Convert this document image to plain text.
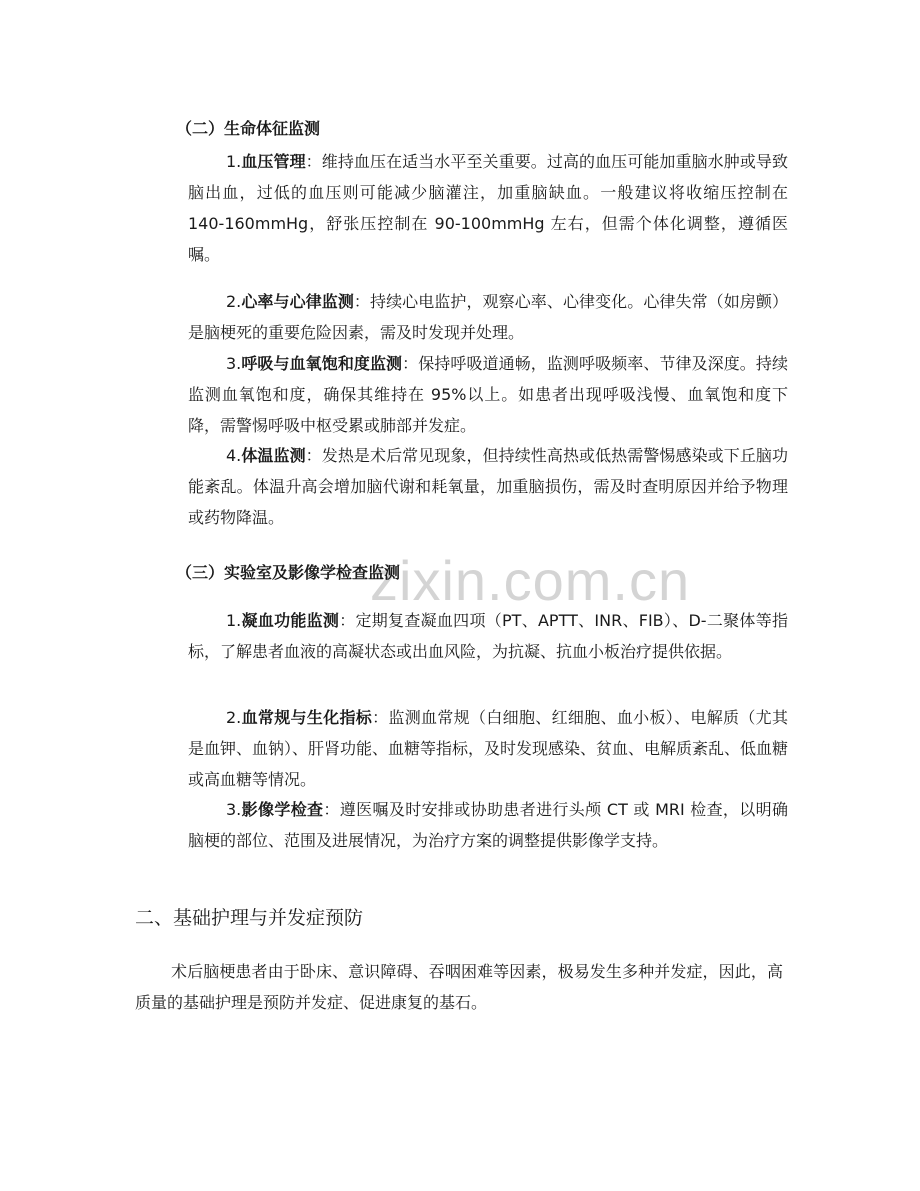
zixin.com.cn
（二）生命体征监测

1.血压管理：维持血压在适当水平至关重要。过高的血压可能加重脑水肿或导致脑出血，过低的血压则可能减少脑灌注，加重脑缺血。一般建议将收缩压控制在 140-160mmHg，舒张压控制在 90-100mmHg 左右，但需个体化调整，遵循医嘱。

2.心率与心律监测：持续心电监护，观察心率、心律变化。心律失常（如房颤）是脑梗死的重要危险因素，需及时发现并处理。

3.呼吸与血氧饱和度监测：保持呼吸道通畅，监测呼吸频率、节律及深度。持续监测血氧饱和度，确保其维持在 95%以上。如患者出现呼吸浅慢、血氧饱和度下降，需警惕呼吸中枢受累或肺部并发症。

4.体温监测：发热是术后常见现象，但持续性高热或低热需警惕感染或下丘脑功能紊乱。体温升高会增加脑代谢和耗氧量，加重脑损伤，需及时查明原因并给予物理或药物降温。

（三）实验室及影像学检查监测

1.凝血功能监测：定期复查凝血四项（PT、APTT、INR、FIB）、D-二聚体等指标，了解患者血液的高凝状态或出血风险，为抗凝、抗血小板治疗提供依据。

2.血常规与生化指标：监测血常规（白细胞、红细胞、血小板）、电解质（尤其是血钾、血钠）、肝肾功能、血糖等指标，及时发现感染、贫血、电解质紊乱、低血糖或高血糖等情况。

3.影像学检查：遵医嘱及时安排或协助患者进行头颅 CT 或 MRI 检查，以明确脑梗的部位、范围及进展情况，为治疗方案的调整提供影像学支持。

二、基础护理与并发症预防

术后脑梗患者由于卧床、意识障碍、吞咽困难等因素，极易发生多种并发症，因此，高质量的基础护理是预防并发症、促进康复的基石。
